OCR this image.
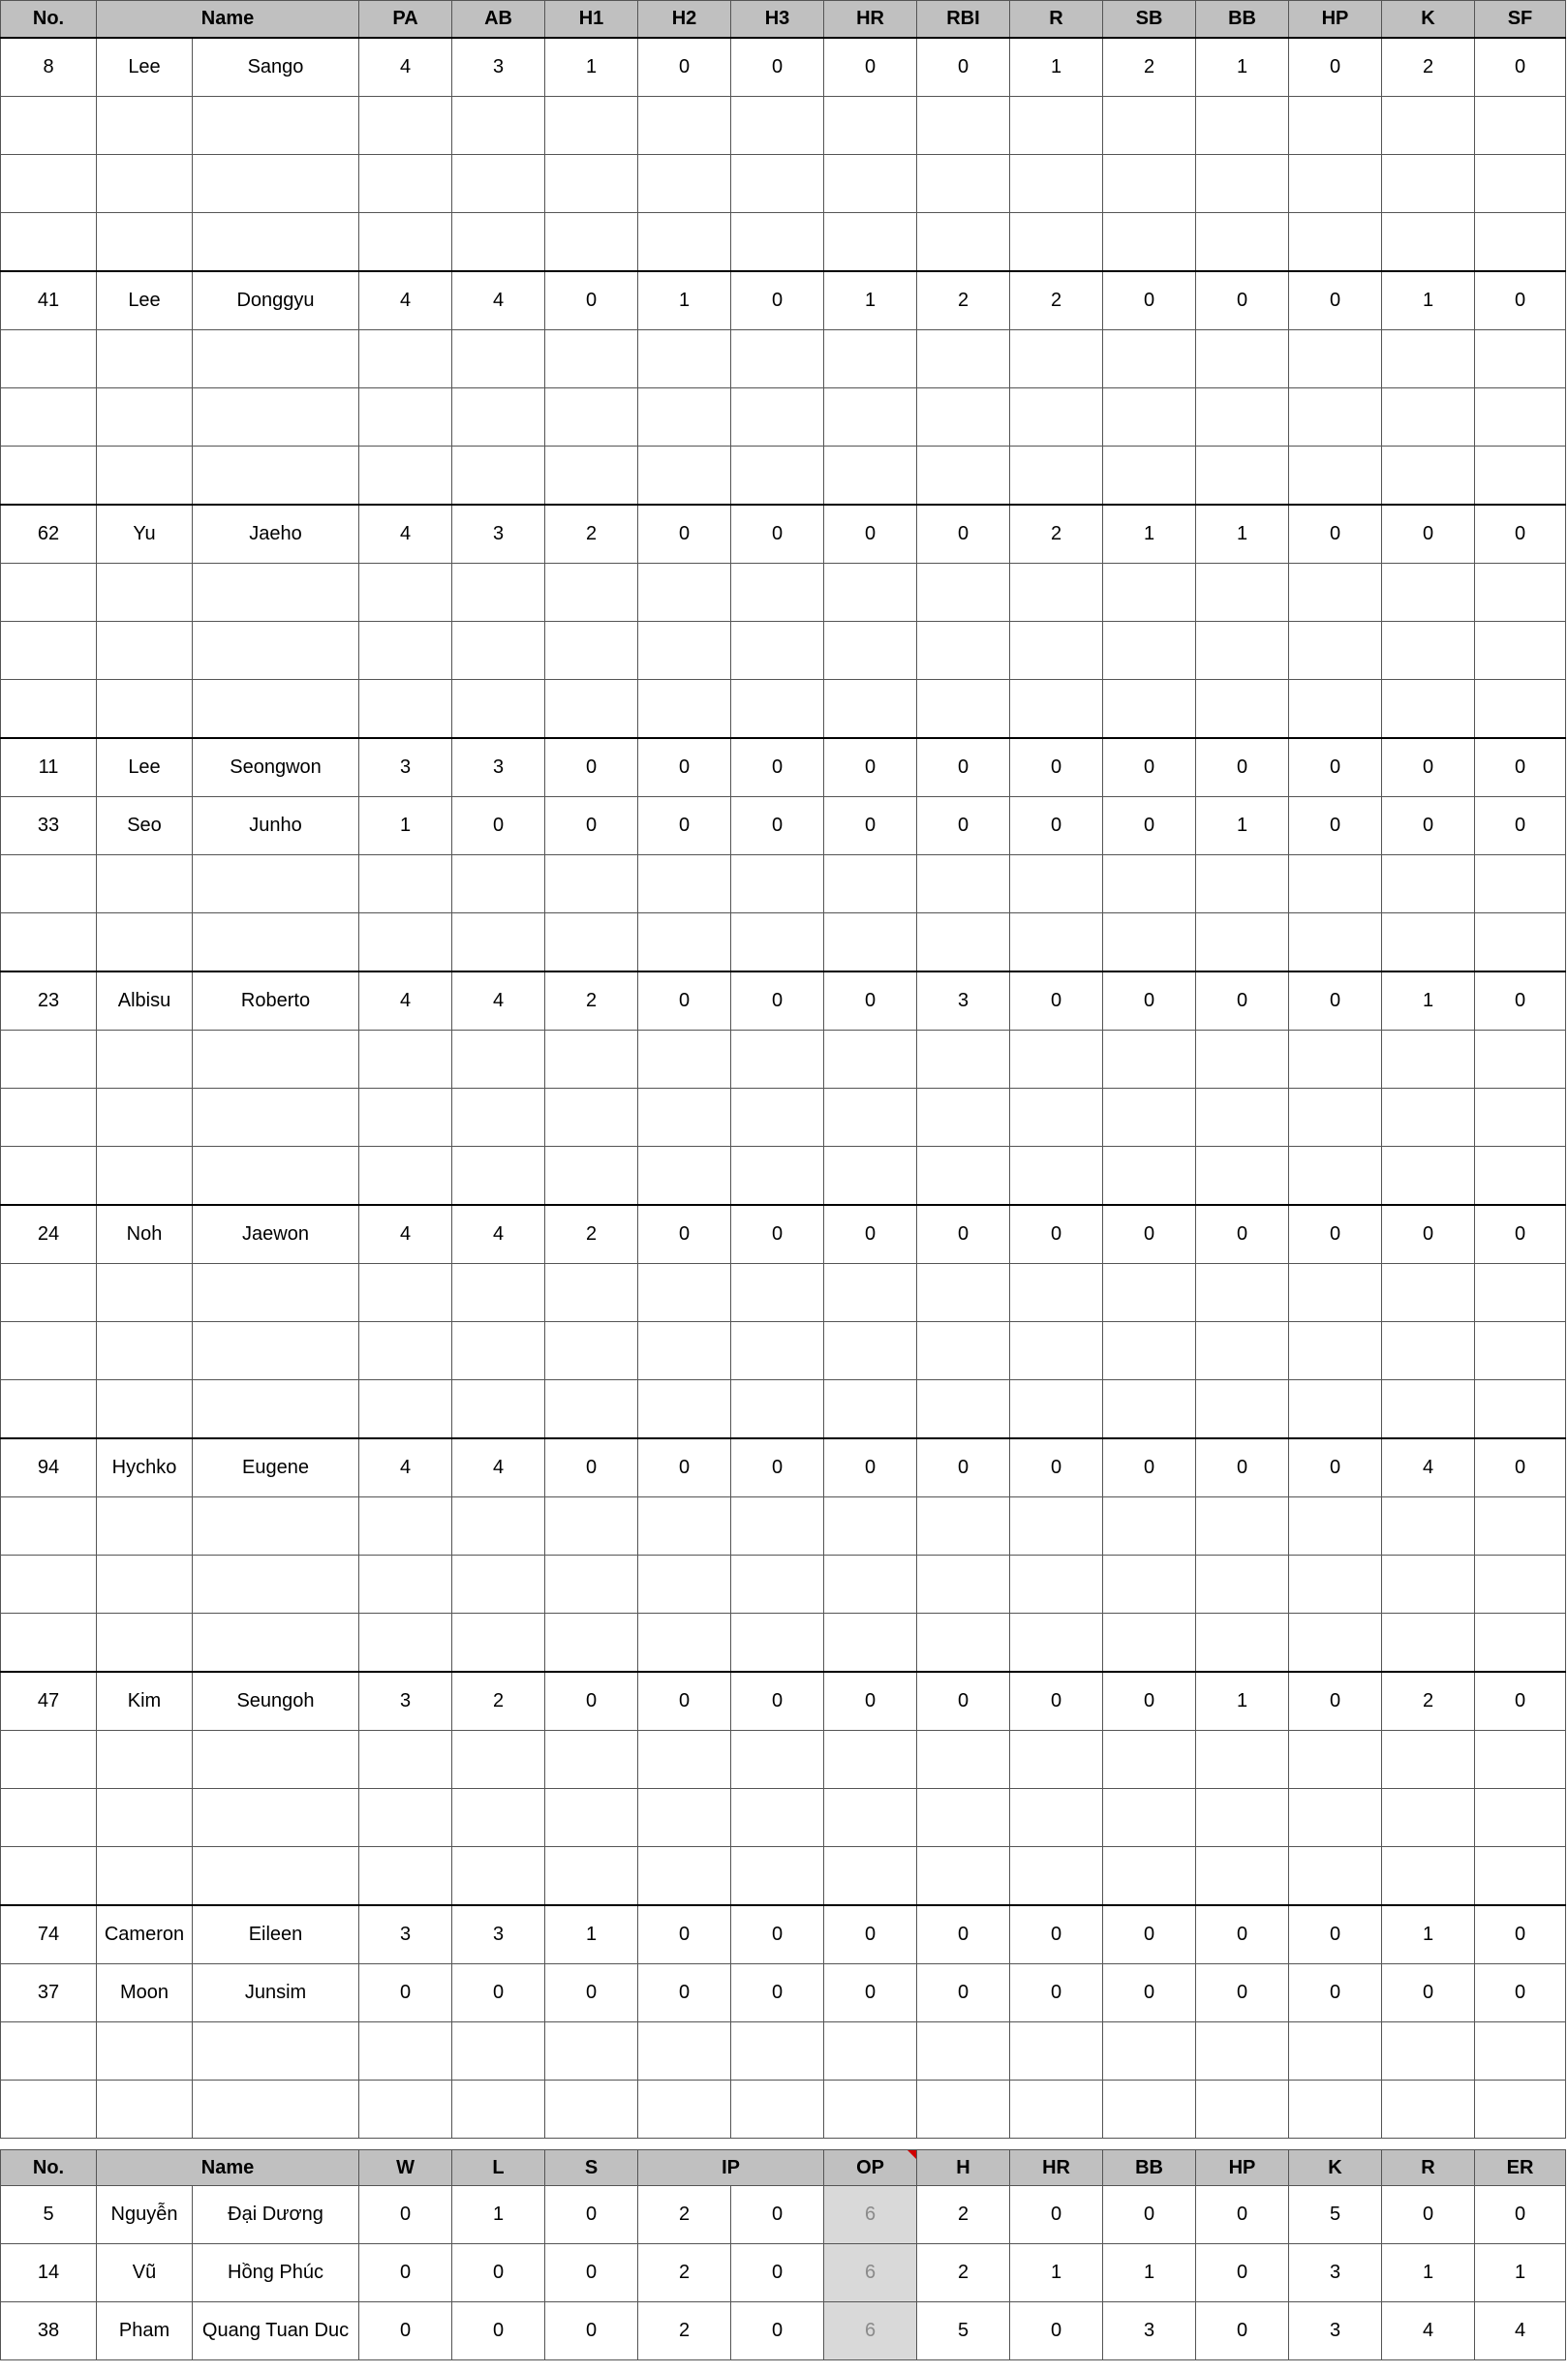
No.	Name		PA	AB	H1	H2	H3	HR	RBI	R	SB	BB	HP	K	SF
8	Lee	Sango	4	3	1	0	0	0	0	1	2	1	0	2	0

41	Lee	Donggyu	4	4	0	1	0	1	2	2	0	0	0	1	0

62	Yu	Jaeho	4	3	2	0	0	0	0	2	1	1	0	0	0

11	Lee	Seongwon	3	3	0	0	0	0	0	0	0	0	0	0	0
33	Seo	Junho	1	0	0	0	0	0	0	0	0	1	0	0	0

23	Albisu	Roberto	4	4	2	0	0	0	3	0	0	0	0	1	0

24	Noh	Jaewon	4	4	2	0	0	0	0	0	0	0	0	0	0

94	Hychko	Eugene	4	4	0	0	0	0	0	0	0	0	0	4	0

47	Kim	Seungoh	3	2	0	0	0	0	0	0	0	1	0	2	0

74	Cameron	Eileen	3	3	1	0	0	0	0	0	0	0	0	1	0
37	Moon	Junsim	0	0	0	0	0	0	0	0	0	0	0	0	0

No.	Name		W	L	S	IP		OP	H	HR	BB	HP	K	R	ER
5	Nguyễn	Đại Dương	0	1	0	2	0	6	2	0	0	0	5	0	0
14	Vũ	Hồng Phúc	0	0	0	2	0	6	2	1	1	0	3	1	1
38	Pham	Quang Tuan Duc	0	0	0	2	0	6	5	0	3	0	3	4	4
